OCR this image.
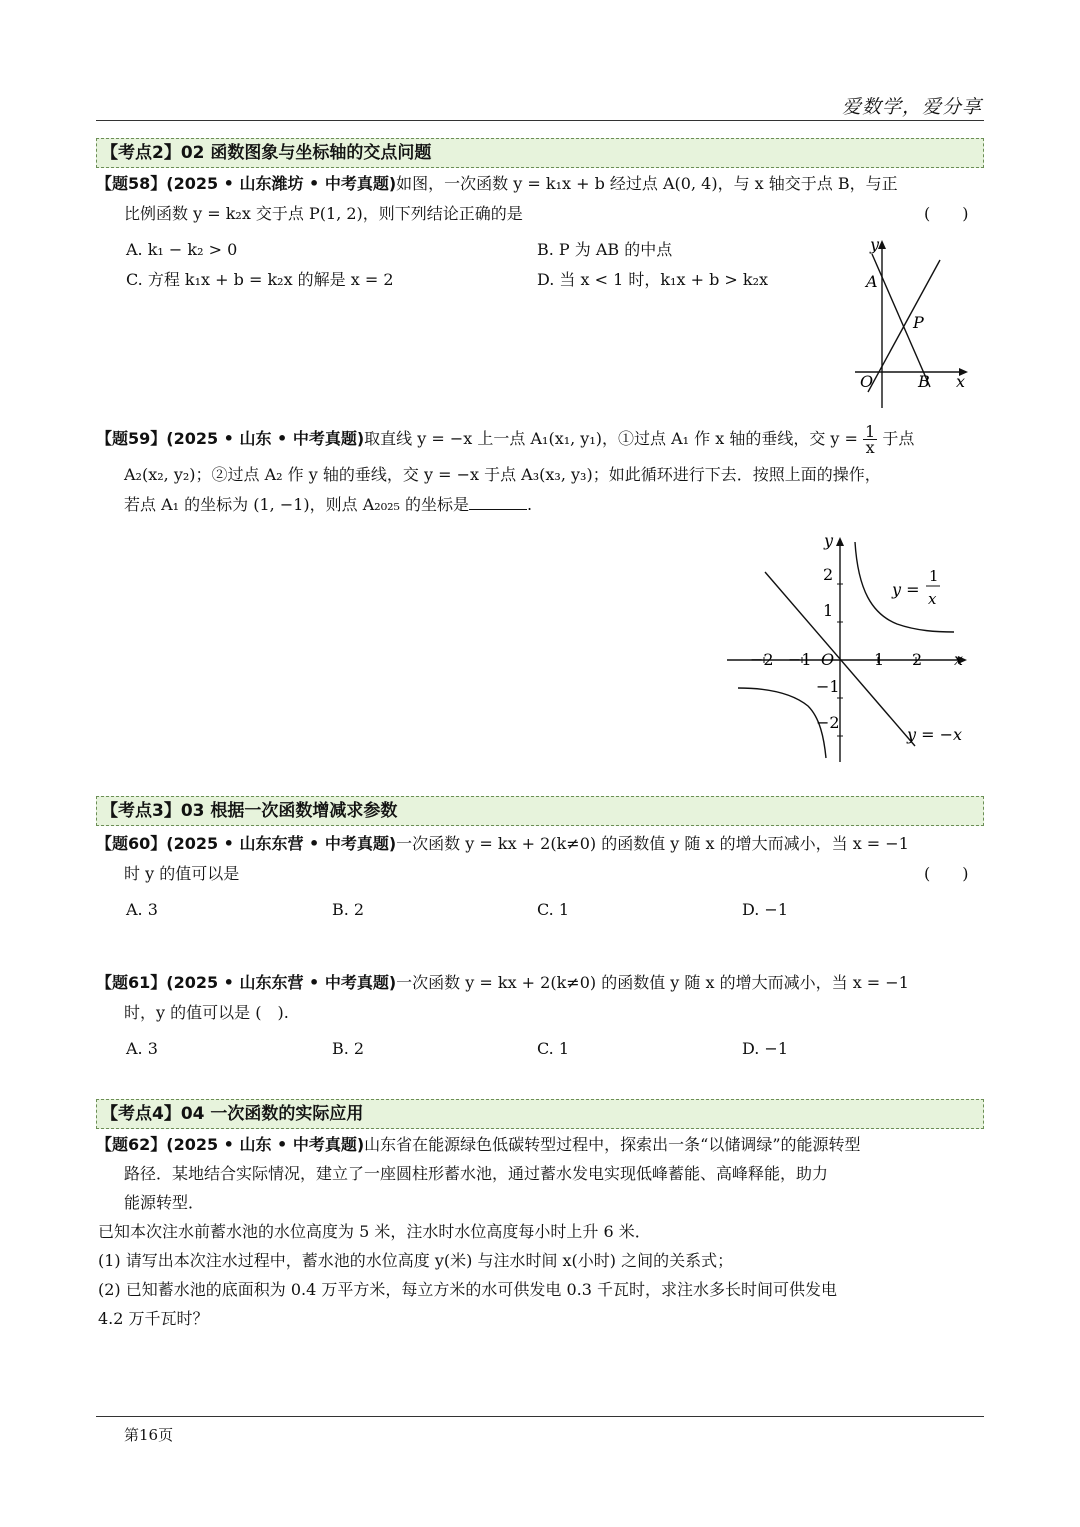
爱数学，爱分享
【考点2】02 函数图象与坐标轴的交点问题
【题58】(2025 • 山东潍坊 • 中考真题)如图，一次函数 y = k₁x + b 经过点 A(0, 4)，与 x 轴交于点 B，与正
比例函数 y = k₂x 交于点 P(1, 2)，则下列结论正确的是	(　　)
A. k₁ − k₂ > 0	B. P 为 AB 的中点
C. 方程 k₁x + b = k₂x 的解是 x = 2	D. 当 x < 1 时，k₁x + b > k₂x
y
A
P
O	B x
【题59】(2025 • 山东 • 中考真题)取直线 y = −x 上一点 A₁(x₁, y₁)，①过点 A₁ 作 x 轴的垂线，交 $y = \frac{1}{x}$ 于点
A₂(x₂, y₂)；②过点 A₂ 作 y 轴的垂线，交 y = −x 于点 A₃(x₃, y₃)；如此循环进行下去．按照上面的操作，
若点 A₁ 的坐标为 (1, −1)，则点 A₂₀₂₅ 的坐标是	.
y
2
1
−1
−2
−2 −1 O 1 2 x
y =
1
x
y = −x
【考点3】03 根据一次函数增减求参数
【题60】(2025 • 山东东营 • 中考真题)一次函数 y = kx + 2(k≠0) 的函数值 y 随 x 的增大而减小，当 x = −1
时 y 的值可以是	(　　)
A. 3	B. 2	C. 1	D. −1
【题61】(2025 • 山东东营 • 中考真题)一次函数 y = kx + 2(k≠0) 的函数值 y 随 x 的增大而减小，当 x = −1
时，y 的值可以是 (　).
A. 3	B. 2	C. 1	D. −1
【考点4】04 一次函数的实际应用
【题62】(2025 • 山东 • 中考真题)山东省在能源绿色低碳转型过程中，探索出一条“以储调绿”的能源转型
路径．某地结合实际情况，建立了一座圆柱形蓄水池，通过蓄水发电实现低峰蓄能、高峰释能，助力
能源转型．
已知本次注水前蓄水池的水位高度为 5 米，注水时水位高度每小时上升 6 米．
(1) 请写出本次注水过程中，蓄水池的水位高度 y(米) 与注水时间 x(小时) 之间的关系式；
(2) 已知蓄水池的底面积为 0.4 万平方米，每立方米的水可供发电 0.3 千瓦时，求注水多长时间可供发电
4.2 万千瓦时？
第16页
